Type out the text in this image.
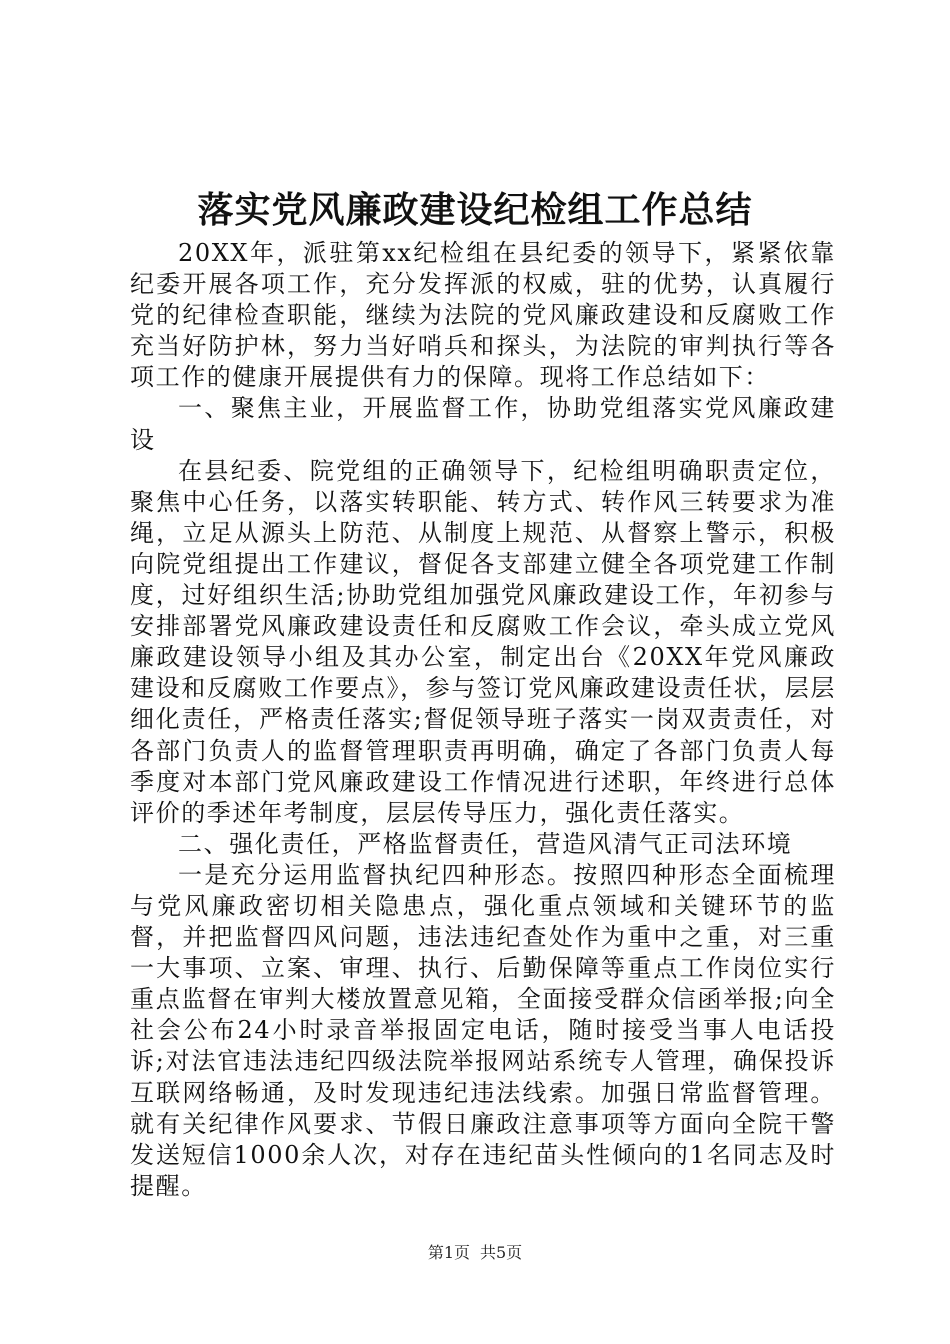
落实党风廉政建设纪检组工作总结

20XX年，派驻第xx纪检组在县纪委的领导下，紧紧依靠纪委开展各项工作，充分发挥派的权威，驻的优势，认真履行党的纪律检查职能，继续为法院的党风廉政建设和反腐败工作充当好防护林，努力当好哨兵和探头，为法院的审判执行等各项工作的健康开展提供有力的保障。现将工作总结如下：

一、聚焦主业，开展监督工作，协助党组落实党风廉政建设

在县纪委、院党组的正确领导下，纪检组明确职责定位，聚焦中心任务，以落实转职能、转方式、转作风三转要求为准绳，立足从源头上防范、从制度上规范、从督察上警示，积极向院党组提出工作建议，督促各支部建立健全各项党建工作制度，过好组织生活;协助党组加强党风廉政建设工作，年初参与安排部署党风廉政建设责任和反腐败工作会议，牵头成立党风廉政建设领导小组及其办公室，制定出台《20XX年党风廉政建设和反腐败工作要点》，参与签订党风廉政建设责任状，层层细化责任，严格责任落实;督促领导班子落实一岗双责责任，对各部门负责人的监督管理职责再明确，确定了各部门负责人每季度对本部门党风廉政建设工作情况进行述职，年终进行总体评价的季述年考制度，层层传导压力，强化责任落实。

二、强化责任，严格监督责任，营造风清气正司法环境

一是充分运用监督执纪四种形态。按照四种形态全面梳理与党风廉政密切相关隐患点，强化重点领域和关键环节的监督，并把监督四风问题，违法违纪查处作为重中之重，对三重一大事项、立案、审理、执行、后勤保障等重点工作岗位实行重点监督在审判大楼放置意见箱，全面接受群众信函举报;向全社会公布24小时录音举报固定电话，随时接受当事人电话投诉;对法官违法违纪四级法院举报网站系统专人管理，确保投诉互联网络畅通，及时发现违纪违法线索。加强日常监督管理。就有关纪律作风要求、节假日廉政注意事项等方面向全院干警发送短信1000余人次，对存在违纪苗头性倾向的1名同志及时提醒。

第1页 共5页
